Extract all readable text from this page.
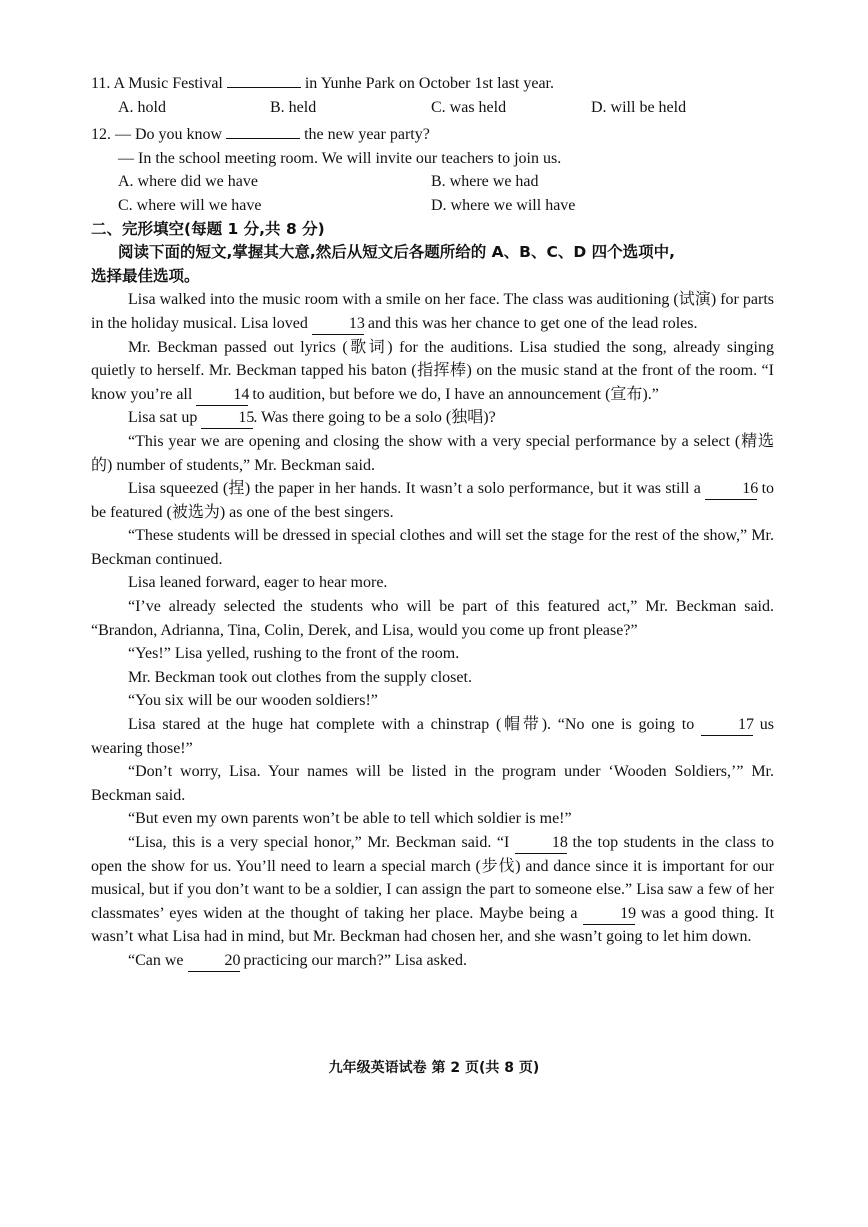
11. A Music Festival	in Yunhe Park on October 1st last year.
A. hold	B. held	C. was held	D. will be held
12. — Do you know	the new year party?
— In the school meeting room. We will invite our teachers to join us.
A. where did we have	B. where we had
C. where will we have	D. where we will have
二、完形填空(每题 1 分,共 8 分)
阅读下面的短文,掌握其大意,然后从短文后各题所给的 A、B、C、D 四个选项中,
选择最佳选项。

Lisa walked into the music room with a smile on her face. The class was auditioning (试演) for parts in the holiday musical. Lisa loved	13 and this was her chance to get one of the lead roles.

Mr. Beckman passed out lyrics (歌词) for the auditions. Lisa studied the song, already singing quietly to herself. Mr. Beckman tapped his baton (指挥棒) on the music stand at the front of the room. “I know you’re all	14 to audition, but before we do, I have an announcement (宣布).”

Lisa sat up	15. Was there going to be a solo (独唱)?

“This year we are opening and closing the show with a very special performance by a select (精选的) number of students,” Mr. Beckman said.

Lisa squeezed (捏) the paper in her hands. It wasn’t a solo performance, but it was still a	16 to be featured (被选为) as one of the best singers.

“These students will be dressed in special clothes and will set the stage for the rest of the show,” Mr. Beckman continued.

Lisa leaned forward, eager to hear more.

“I’ve already selected the students who will be part of this featured act,” Mr. Beckman said. “Brandon, Adrianna, Tina, Colin, Derek, and Lisa, would you come up front please?”

“Yes!” Lisa yelled, rushing to the front of the room.

Mr. Beckman took out clothes from the supply closet.

“You six will be our wooden soldiers!”

Lisa stared at the huge hat complete with a chinstrap (帽带). “No one is going to	17 us wearing those!”

“Don’t worry, Lisa. Your names will be listed in the program under ‘Wooden Soldiers,’” Mr. Beckman said.

“But even my own parents won’t be able to tell which soldier is me!”

“Lisa, this is a very special honor,” Mr. Beckman said. “I	18 the top students in the class to open the show for us. You’ll need to learn a special march (步伐) and dance since it is important for our musical, but if you don’t want to be a soldier, I can assign the part to someone else.” Lisa saw a few of her classmates’ eyes widen at the thought of taking her place. Maybe being a	19 was a good thing. It wasn’t what Lisa had in mind, but Mr. Beckman had chosen her, and she wasn’t going to let him down.

“Can we	20 practicing our march?” Lisa asked.

九年级英语试卷 第 2 页(共 8 页)
